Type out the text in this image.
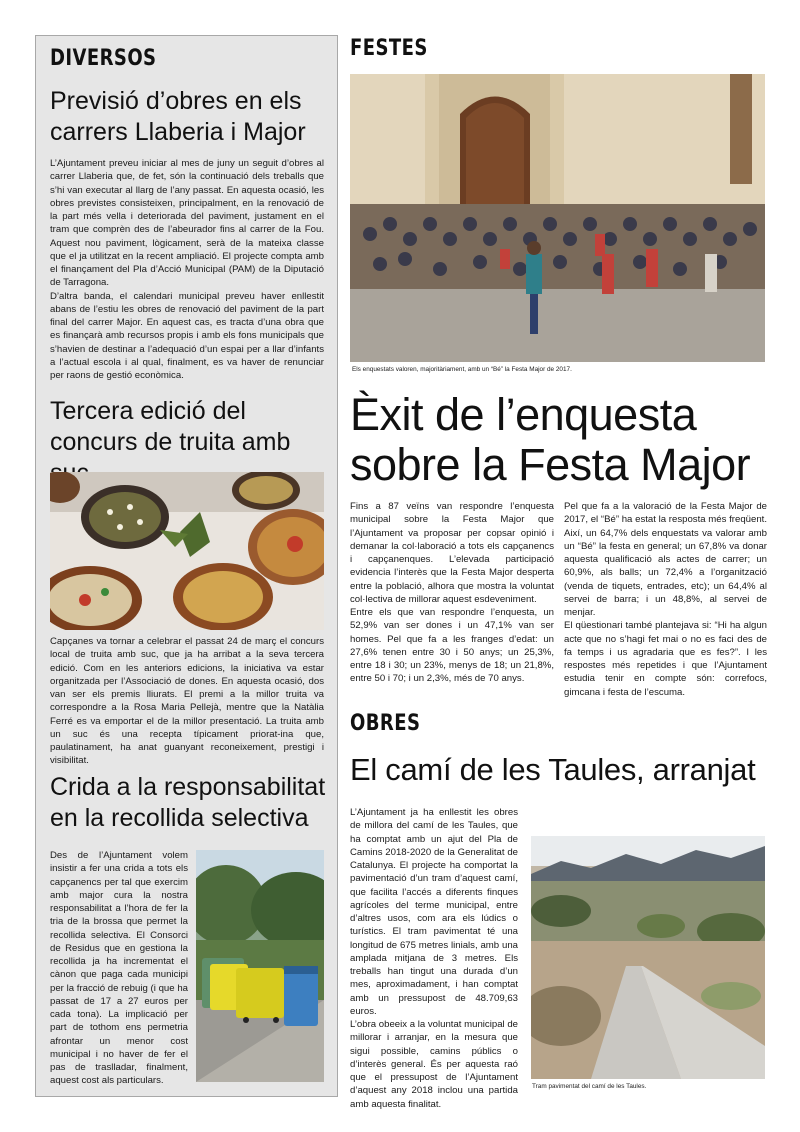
DIVERSOS
Previsió d’obres en els
carrers Llaberia i Major

L’Ajuntament preveu iniciar al mes de juny un seguit d’obres al carrer Llaberia que, de fet, són la continuació dels treballs que s’hi van executar al llarg de l’any passat. En aquesta ocasió, les obres previstes consisteixen, principalment, en la renovació de la part més vella i deteriorada del paviment, justament en el tram que comprèn des de l’abeurador fins al carrer de la Fou. Aquest nou paviment, lògicament, serà de la mateixa classe que el ja utilitzat en la recent ampliació. El projecte compta amb el finançament del Pla d’Acció Municipal (PAM) de la Diputació de Tarragona.

D’altra banda, el calendari municipal preveu haver enllestit abans de l’estiu les obres de renovació del paviment de la part final del carrer Major. En aquest cas, es tracta d’una obra que es finançarà amb recursos propis i amb els fons municipals que s’havien de destinar a l’adequació d’un espai per a llar d’infants a l’actual escola i al qual, finalment, es va haver de renunciar per raons de gestió econòmica.

Tercera edició del
concurs de truita amb

Capçanes va tornar a celebrar el passat 24 de març el concurs local de truita amb suc, que ja ha arribat a la seva tercera edició. Com en les anteriors edicions, la iniciativa va estar organitzada per l’Associació de dones. En aquesta ocasió, dos van ser els premis lliurats. El premi a la millor truita va correspondre a la Rosa Maria Pellejà, mentre que la Natàlia Ferré es va emportar el de la millor presentació. La truita amb un suc és una recepta típicament priorat-ina que, paulatinament, ha anat guanyant reconeixement, prestigi i visibilitat.

Crida a la responsabilitat
en la recollida selectiva

Des de l’Ajuntament volem insistir a fer una crida a tots els capçanencs per tal que exercim amb major cura la nostra responsabilitat a l’hora de fer la tria de la brossa que permet la recollida selectiva. El Consorci de Residus que en gestiona la recollida ja ha incrementat el cànon que paga cada municipi per la fracció de rebuig (i que ha passat de 17 a 27 euros per cada tona). La implicació per part de tothom ens permetria afrontar un menor cost municipal i no haver de fer el pas de traslladar, finalment, aquest cost als particulars.

FESTES
Els enquestats valoren, majoritàriament, amb un “Bé” la Festa Major de 2017.
Èxit de l’enquesta
sobre la Festa Major

Fins a 87 veïns van respondre l’enquesta municipal sobre la Festa Major que l’Ajuntament va proposar per copsar opinió i demanar la col·laboració a tots els capçanencs i capçanenques. L’elevada participació evidencia l’interès que la Festa Major desperta entre la població, alhora que mostra la voluntat col·lectiva de millorar aquest esdeveniment.

Entre els que van respondre l’enquesta, un 52,9% van ser dones i un 47,1% van ser homes. Pel que fa a les franges d’edat: un 27,6% tenen entre 30 i 50 anys; un 25,3%, entre 18 i 30; un 23%, menys de 18; un 21,8%, entre 50 i 70; i un 2,3%, més de 70 anys.

Pel que fa a la valoració de la Festa Major de 2017, el “Bé” ha estat la resposta més freqüent. Així, un 64,7% dels enquestats va valorar amb un “Bé” la festa en general; un 67,8% va donar aquesta qualificació als actes de carrer; un 60,9%, als balls; un 72,4% a l’organització (venda de tiquets, entrades, etc); un 64,4% al servei de barra; i un 48,8%, al servei de menjar.

El qüestionari també plantejava si: “Hi ha algun acte que no s’hagi fet mai o no es faci des de fa temps i us agradaria que es fes?”. I les respostes més repetides i que l’Ajuntament estudia tenir en compte són: correfocs, gimcana i festa de l’escuma.

OBRES
El camí de les Taules, arranjat

L’Ajuntament ja ha enllestit les obres de millora del camí de les Taules, que ha comptat amb un ajut del Pla de Camins 2018-2020 de la Generalitat de Catalunya. El projecte ha comportat la pavimentació d’un tram d’aquest camí, que facilita l’accés a diferents finques agrícoles del terme municipal, entre d’altres usos, com ara els lúdics o turístics. El tram pavimentat té una longitud de 675 metres linials, amb una amplada mitjana de 3 metres. Els treballs han tingut una durada d’un mes, aproximadament, i han comptat amb un pressupost de 48.709,63 euros.

L’obra obeeix a la voluntat municipal de millorar i arranjar, en la mesura que sigui possible, camins públics o d’interès general. És per aquesta raó que el pressupost de l’Ajuntament d’aquest any 2018 inclou una partida amb aquesta finalitat.

Tram pavimentat del camí de les Taules.
